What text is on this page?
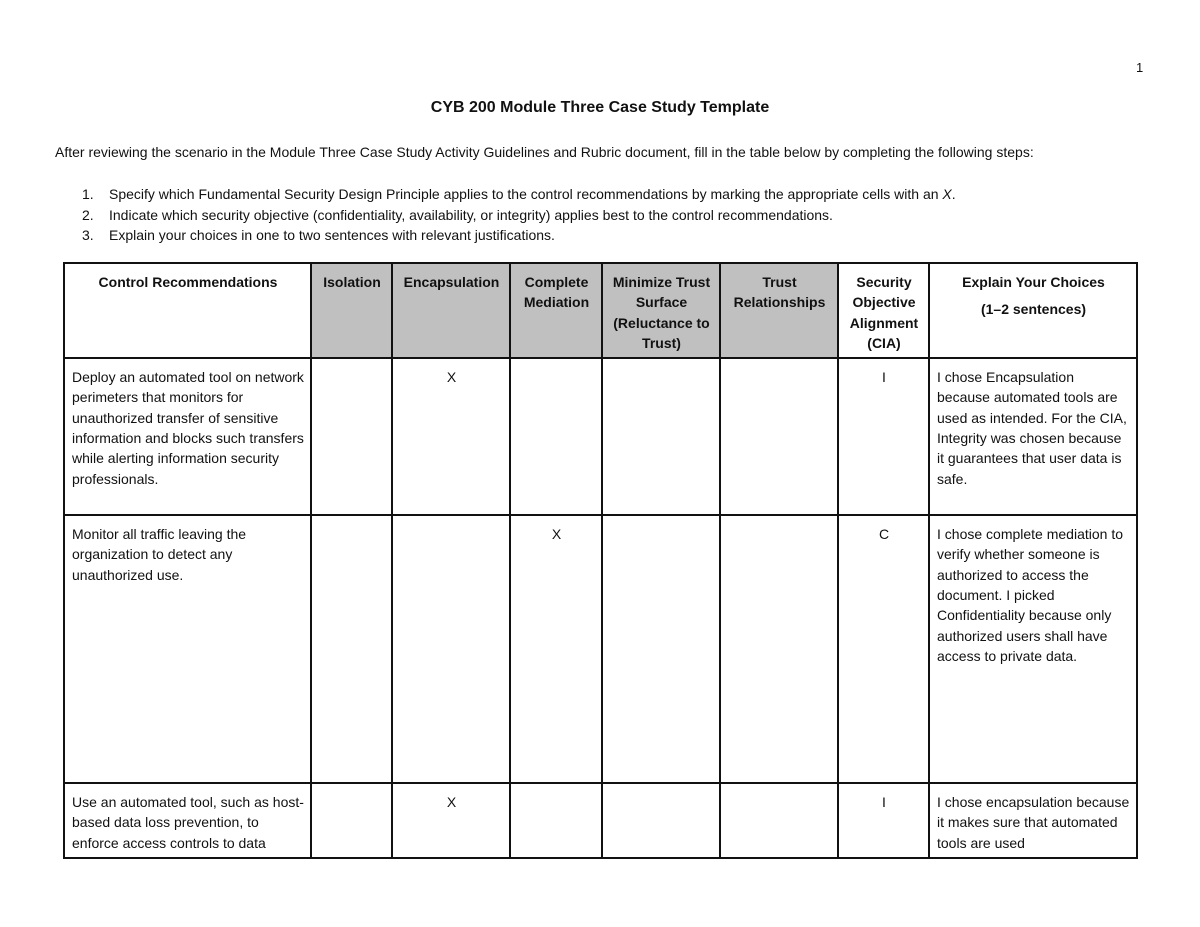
1
CYB 200 Module Three Case Study Template
After reviewing the scenario in the Module Three Case Study Activity Guidelines and Rubric document, fill in the table below by completing the following steps:
1. Specify which Fundamental Security Design Principle applies to the control recommendations by marking the appropriate cells with an X.
2. Indicate which security objective (confidentiality, availability, or integrity) applies best to the control recommendations.
3. Explain your choices in one to two sentences with relevant justifications.
Control Recommendations	Isolation	Encapsulation	Complete Mediation	Minimize Trust Surface (Reluctance to Trust)	Trust Relationships	Security Objective Alignment (CIA)	Explain Your Choices
(1–2 sentences)

Deploy an automated tool on network perimeters that monitors for unauthorized transfer of sensitive information and blocks such transfers while alerting information security professionals.		X				I	I chose Encapsulation because automated tools are used as intended. For the CIA, Integrity was chosen because it guarantees that user data is safe.
Monitor all traffic leaving the organization to detect any unauthorized use.			X			C	I chose complete mediation to verify whether someone is authorized to access the document. I picked Confidentiality because only authorized users shall have access to private data.
Use an automated tool, such as host-based data loss prevention, to enforce access controls to data		X				I	I chose encapsulation because it makes sure that automated tools are used
